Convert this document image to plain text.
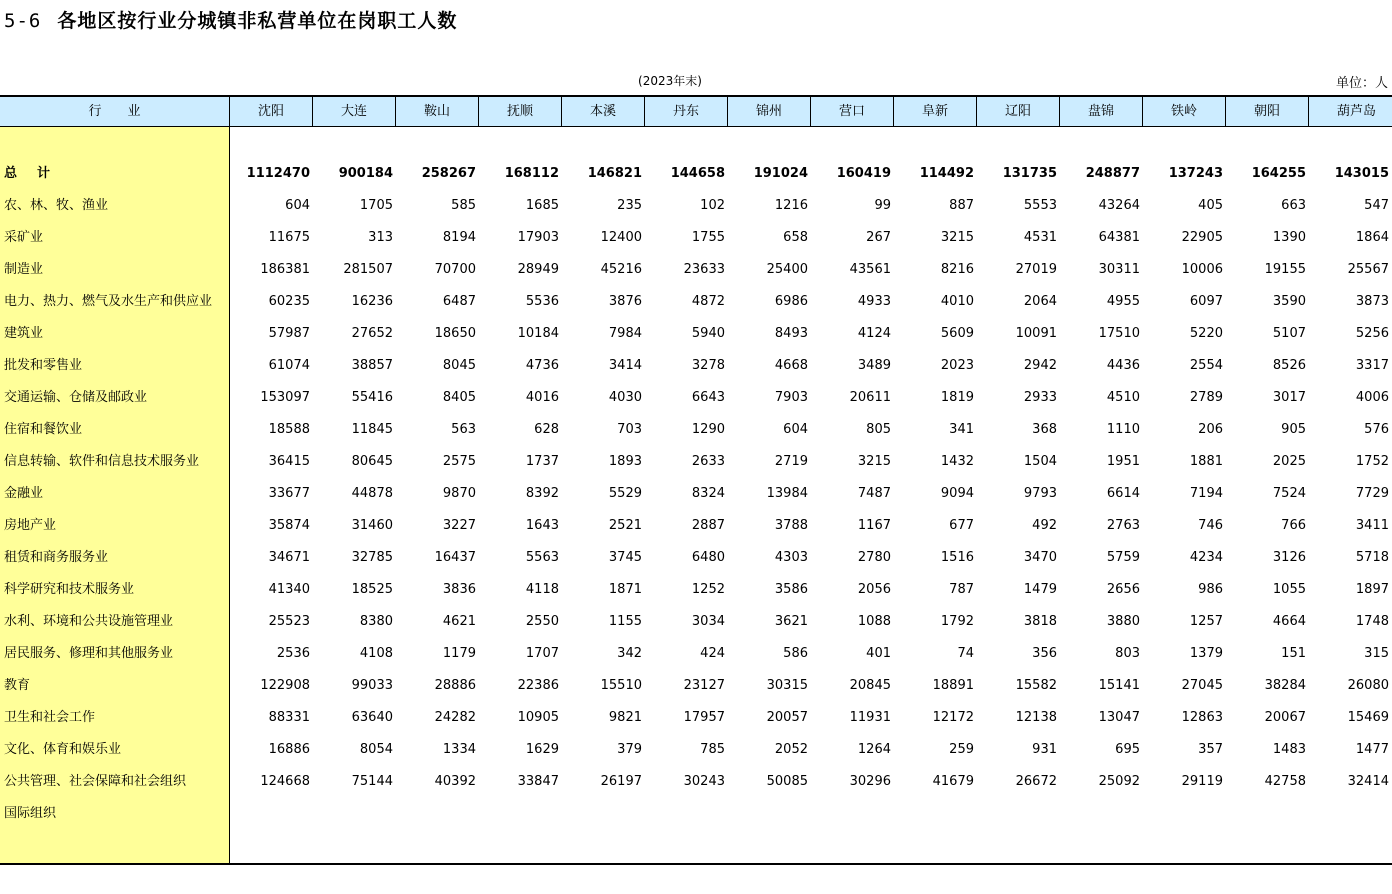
5-6 各地区按行业分城镇非私营单位在岗职工人数
(2023年末)	单位：人
行业	沈阳	大连	鞍山	抚顺	本溪	丹东	锦州	营口	阜新	辽阳	盘锦	铁岭	朝阳	葫芦岛
总计	1112470	900184	258267	168112	146821	144658	191024	160419	114492	131735	248877	137243	164255	143015
农、林、牧、渔业	604	1705	585	1685	235	102	1216	99	887	5553	43264	405	663	547
采矿业	11675	313	8194	17903	12400	1755	658	267	3215	4531	64381	22905	1390	1864
制造业	186381	281507	70700	28949	45216	23633	25400	43561	8216	27019	30311	10006	19155	25567
电力、热力、燃气及水生产和供应业	60235	16236	6487	5536	3876	4872	6986	4933	4010	2064	4955	6097	3590	3873
建筑业	57987	27652	18650	10184	7984	5940	8493	4124	5609	10091	17510	5220	5107	5256
批发和零售业	61074	38857	8045	4736	3414	3278	4668	3489	2023	2942	4436	2554	8526	3317
交通运输、仓储及邮政业	153097	55416	8405	4016	4030	6643	7903	20611	1819	2933	4510	2789	3017	4006
住宿和餐饮业	18588	11845	563	628	703	1290	604	805	341	368	1110	206	905	576
信息转输、软件和信息技术服务业	36415	80645	2575	1737	1893	2633	2719	3215	1432	1504	1951	1881	2025	1752
金融业	33677	44878	9870	8392	5529	8324	13984	7487	9094	9793	6614	7194	7524	7729
房地产业	35874	31460	3227	1643	2521	2887	3788	1167	677	492	2763	746	766	3411
租赁和商务服务业	34671	32785	16437	5563	3745	6480	4303	2780	1516	3470	5759	4234	3126	5718
科学研究和技术服务业	41340	18525	3836	4118	1871	1252	3586	2056	787	1479	2656	986	1055	1897
水利、环境和公共设施管理业	25523	8380	4621	2550	1155	3034	3621	1088	1792	3818	3880	1257	4664	1748
居民服务、修理和其他服务业	2536	4108	1179	1707	342	424	586	401	74	356	803	1379	151	315
教育	122908	99033	28886	22386	15510	23127	30315	20845	18891	15582	15141	27045	38284	26080
卫生和社会工作	88331	63640	24282	10905	9821	17957	20057	11931	12172	12138	13047	12863	20067	15469
文化、体育和娱乐业	16886	8054	1334	1629	379	785	2052	1264	259	931	695	357	1483	1477
公共管理、社会保障和社会组织	124668	75144	40392	33847	26197	30243	50085	30296	41679	26672	25092	29119	42758	32414
国际组织
